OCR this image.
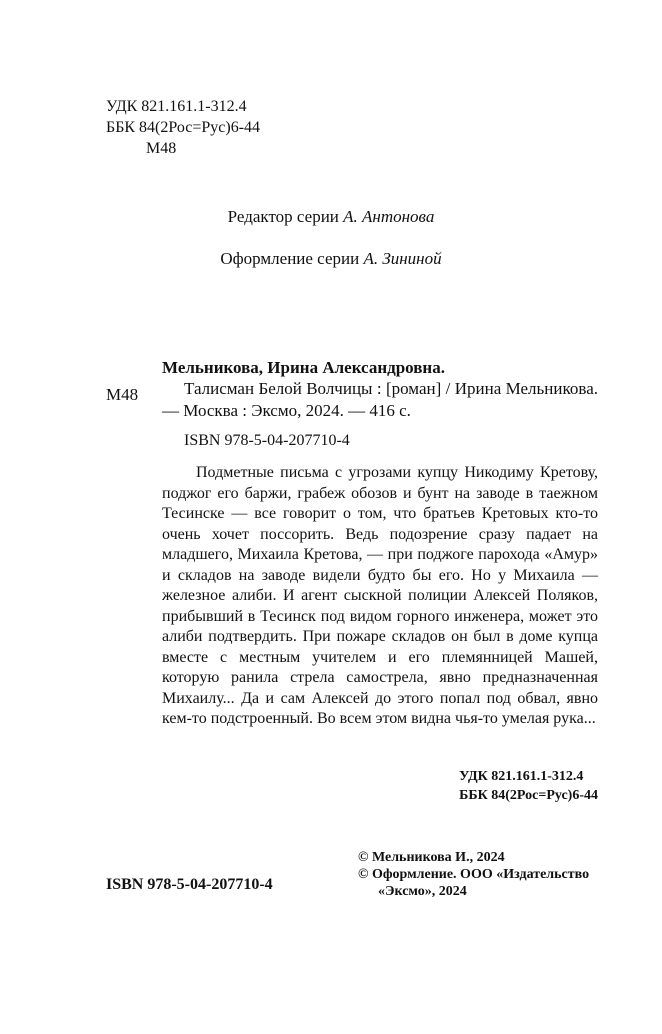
УДК 821.161.1-312.4
ББК 84(2Рос=Рус)6-44
М48
Редактор серии А. Антонова
Оформление серии А. Зининой
Мельникова, Ирина Александровна.
М48	Талисман Белой Волчицы : [роман] / Ирина Мельникова. — Москва : Эксмо, 2024. — 416 с.
ISBN 978-5-04-207710-4
Подметные письма с угрозами купцу Никодиму Кретову, поджог его баржи, грабеж обозов и бунт на заводе в таежном Тесинске — все говорит о том, что братьев Кретовых кто-то очень хочет поссорить. Ведь подозрение сразу падает на младшего, Михаила Кретова, — при поджоге парохода «Амур» и складов на заводе видели будто бы его. Но у Михаила — железное алиби. И агент сыскной полиции Алексей Поляков, прибывший в Тесинск под видом горного инженера, может это алиби подтвердить. При пожаре складов он был в доме купца вместе с местным учителем и его племянницей Машей, которую ранила стрела самострела, явно предназначенная Михаилу... Да и сам Алексей до этого попал под обвал, явно кем-то подстроенный. Во всем этом видна чья-то умелая рука...
УДК 821.161.1-312.4
ББК 84(2Рос=Рус)6-44
© Мельникова И., 2024
© Оформление. ООО «Издательство
«Эксмо», 2024
ISBN 978-5-04-207710-4
